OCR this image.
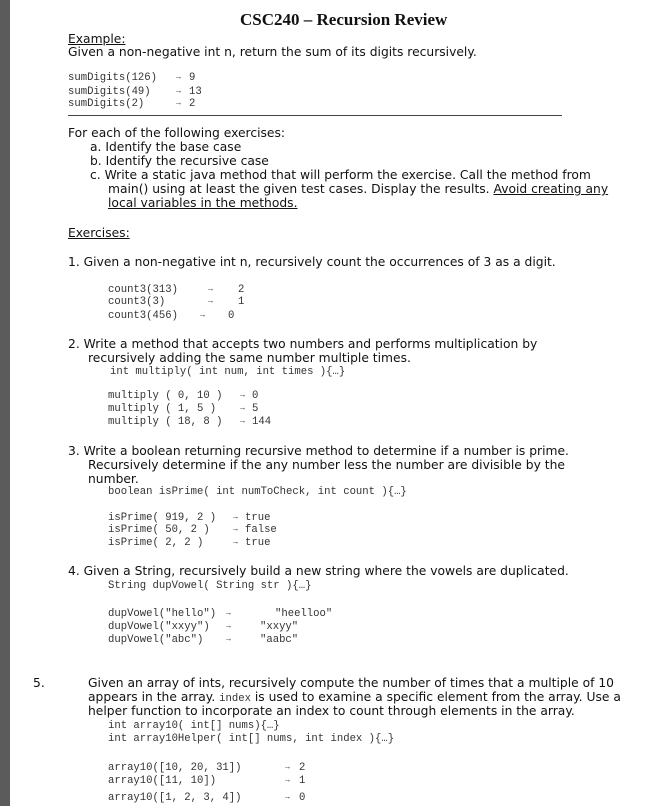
CSC240 – Recursion Review
Example:
Given a non-negative int n, return the sum of its digits recursively.
sumDigits(126) → 9
sumDigits(49)	→ 13
sumDigits(2)	→ 2
For each of the following exercises:
a. Identify the base case
b. Identify the recursive case
c. Write a static java method that will perform the exercise. Call the method from
main() using at least the given test cases. Display the results. Avoid creating any
local variables in the methods.
Exercises:
1. Given a non-negative int n, recursively count the occurrences of 3 as a digit.
count3(313)	→ 2
count3(3)	→ 1
count3(456)	→ 0
2. Write a method that accepts two numbers and performs multiplication by
recursively adding the same number multiple times.
int multiply( int num, int times ){…}
multiply ( 0, 10 ) → 0
multiply ( 1, 5 )	→ 5
multiply ( 18, 8 ) → 144
3. Write a boolean returning recursive method to determine if a number is prime.
Recursively determine if the any number less the number are divisible by the
number.
boolean isPrime( int numToCheck, int count ){…}
isPrime( 919, 2 ) → true
isPrime( 50, 2 )	→ false
isPrime( 2, 2 )	→ true
4. Given a String, recursively build a new string where the vowels are duplicated.
String dupVowel( String str ){…}
dupVowel("hello") →	"heelloo"
dupVowel("xxyy") →	"xxyy"
dupVowel("abc")	→	"aabc"
5.	Given an array of ints, recursively compute the number of times that a multiple of 10
appears in the array. index is used to examine a specific element from the array. Use a
helper function to incorporate an index to count through elements in the array.
int array10( int[] nums){…}
int array10Helper( int[] nums, int index ){…}
array10([10, 20, 31])	→ 2
array10([11, 10])	→ 1
array10([1, 2, 3, 4])	→ 0
